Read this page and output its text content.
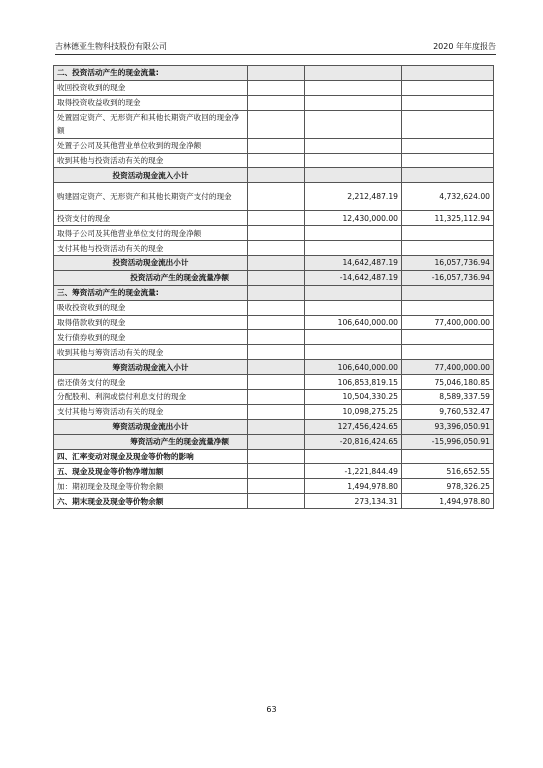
吉林德亚生物科技股份有限公司	2020 年年度报告
二、投资活动产生的现金流量:			
收回投资收到的现金			
取得投资收益收到的现金			
处置固定资产、无形资产和其他长期资产收回的现金净额			
处置子公司及其他营业单位收到的现金净额			
收到其他与投资活动有关的现金			
投资活动现金流入小计			
购建固定资产、无形资产和其他长期资产支付的现金		2,212,487.19	4,732,624.00
投资支付的现金		12,430,000.00	11,325,112.94
取得子公司及其他营业单位支付的现金净额			
支付其他与投资活动有关的现金			
投资活动现金流出小计		14,642,487.19	16,057,736.94
投资活动产生的现金流量净额		-14,642,487.19	-16,057,736.94
三、筹资活动产生的现金流量:			
吸收投资收到的现金			
取得借款收到的现金		106,640,000.00	77,400,000.00
发行债券收到的现金			
收到其他与筹资活动有关的现金			
筹资活动现金流入小计		106,640,000.00	77,400,000.00
偿还债务支付的现金		106,853,819.15	75,046,180.85
分配股利、利润或偿付利息支付的现金		10,504,330.25	8,589,337.59
支付其他与筹资活动有关的现金		10,098,275.25	9,760,532.47
筹资活动现金流出小计		127,456,424.65	93,396,050.91
筹资活动产生的现金流量净额		-20,816,424.65	-15,996,050.91
四、汇率变动对现金及现金等价物的影响			
五、现金及现金等价物净增加额		-1,221,844.49	516,652.55
加：期初现金及现金等价物余额		1,494,978.80	978,326.25
六、期末现金及现金等价物余额		273,134.31	1,494,978.80
63
